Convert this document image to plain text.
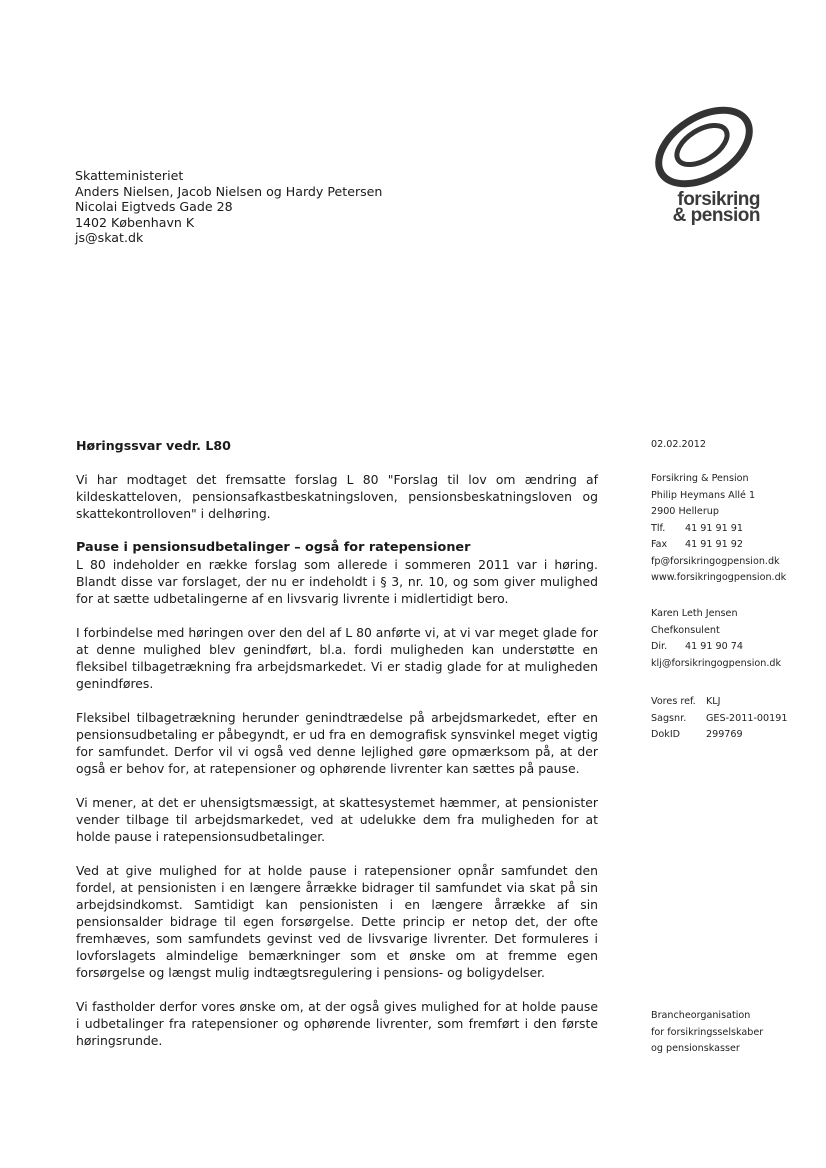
forsikring
& pension
Skatteministeriet
Anders Nielsen, Jacob Nielsen og Hardy Petersen
Nicolai Eigtveds Gade 28
1402 København K
js@skat.dk
Høringssvar vedr. L80

Vi har modtaget det fremsatte forslag L 80 "Forslag til lov om ændring af kildeskatteloven, pensionsafkastbeskatningsloven, pensionsbeskatningsloven og skattekontrolloven" i delhøring.

Pause i pensionsudbetalinger – også for ratepensioner

L 80 indeholder en række forslag som allerede i sommeren 2011 var i høring. Blandt disse var forslaget, der nu er indeholdt i § 3, nr. 10, og som giver mulighed for at sætte udbetalingerne af en livsvarig livrente i midlertidigt bero.

I forbindelse med høringen over den del af L 80 anførte vi, at vi var meget glade for at denne mulighed blev genindført, bl.a. fordi muligheden kan understøtte en fleksibel tilbagetrækning fra arbejdsmarkedet. Vi er stadig glade for at muligheden genindføres.

Fleksibel tilbagetrækning herunder genindtrædelse på arbejdsmarkedet, efter en pensionsudbetaling er påbegyndt, er ud fra en demografisk synsvinkel meget vigtig for samfundet. Derfor vil vi også ved denne lejlighed gøre opmærksom på, at der også er behov for, at ratepensioner og ophørende livrenter kan sættes på pause.

Vi mener, at det er uhensigtsmæssigt, at skattesystemet hæmmer, at pensionister vender tilbage til arbejdsmarkedet, ved at udelukke dem fra muligheden for at holde pause i ratepensionsudbetalinger.

Ved at give mulighed for at holde pause i ratepensioner opnår samfundet den fordel, at pensionisten i en længere årrække bidrager til samfundet via skat på sin arbejdsindkomst. Samtidigt kan pensionisten i en længere årrække af sin pensionsalder bidrage til egen forsørgelse. Dette princip er netop det, der ofte fremhæves, som samfundets gevinst ved de livsvarige livrenter. Det formuleres i lovforslagets almindelige bemærkninger som et ønske om at fremme egen forsørgelse og længst mulig indtægtsregulering i pensions- og boligydelser.

Vi fastholder derfor vores ønske om, at der også gives mulighed for at holde pause i udbetalinger fra ratepensioner og ophørende livrenter, som fremført i den første høringsrunde.

02.02.2012
Forsikring & Pension
Philip Heymans Allé 1
2900 Hellerup
Tlf. 41 91 91 91
Fax 41 91 91 92
fp@forsikringogpension.dk
www.forsikringogpension.dk
Karen Leth Jensen
Chefkonsulent
Dir. 41 91 90 74
klj@forsikringogpension.dk
Vores ref. KLJ
Sagsnr. GES-2011-00191
DokID	299769
Brancheorganisation
for forsikringsselskaber
og pensionskasser
